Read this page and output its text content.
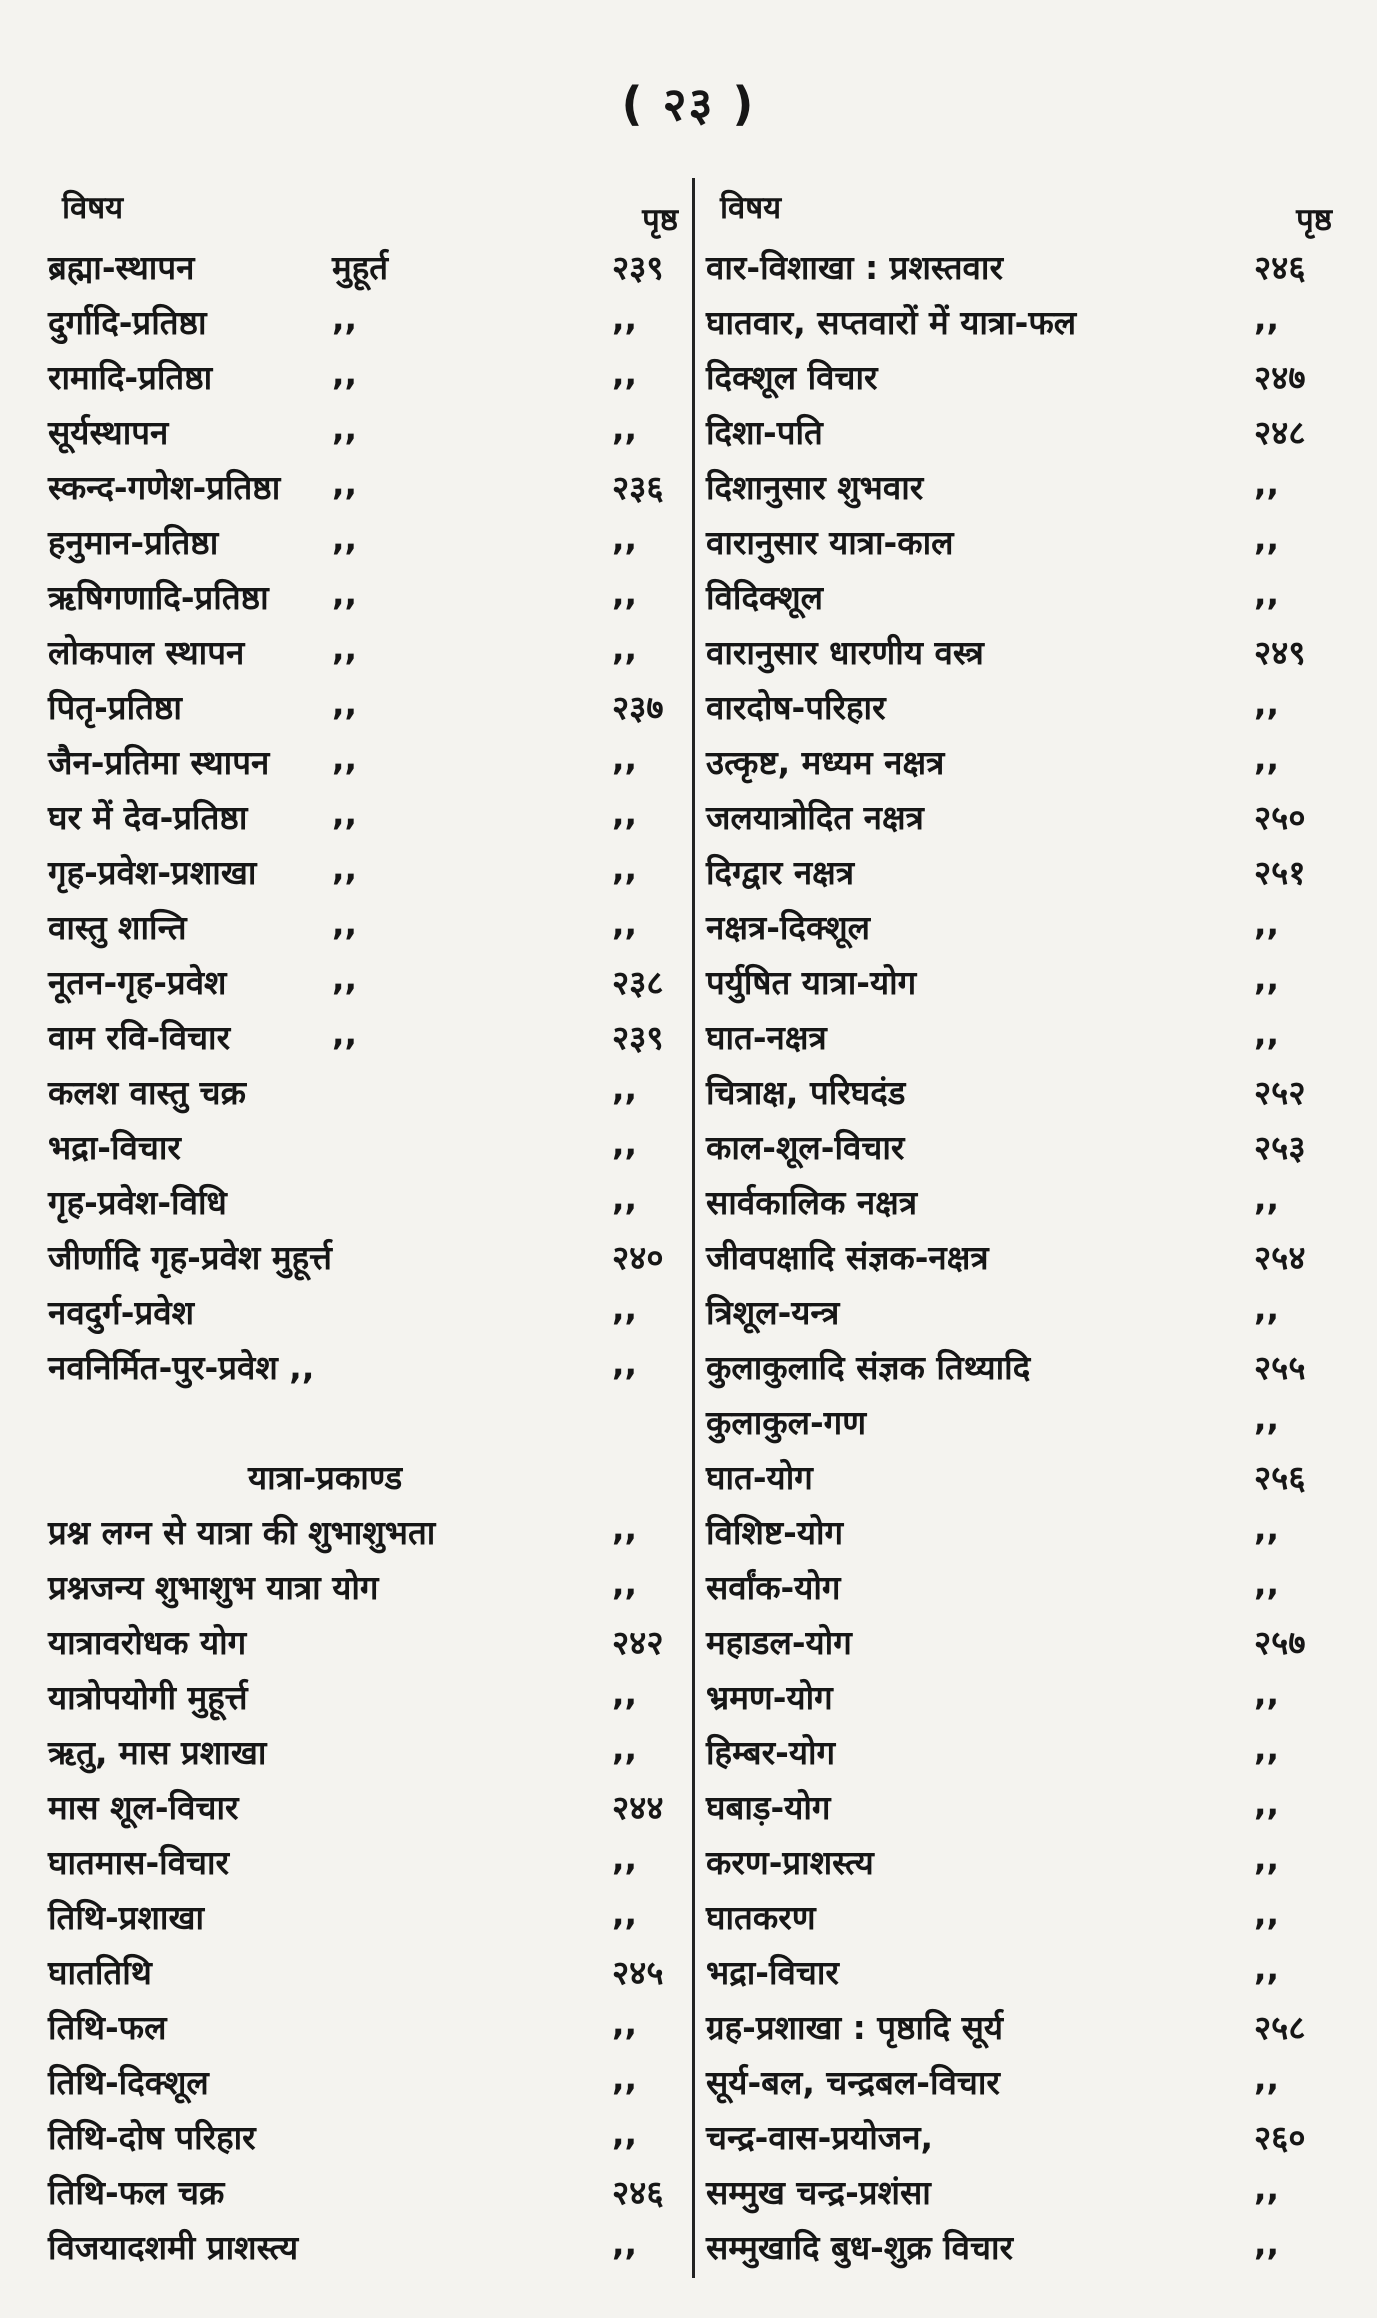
( २३ )
विषय	पृष्ठ
ब्रह्मा-स्थापन	मुहूर्त	२३९
दुर्गादि-प्रतिष्ठा	,,	,,
रामादि-प्रतिष्ठा	,,	,,
सूर्यस्थापन	,,	,,
स्कन्द-गणेश-प्रतिष्ठा ,,	२३६
हनुमान-प्रतिष्ठा	,,	,,
ऋषिगणादि-प्रतिष्ठा ,,	,,
लोकपाल स्थापन	,,	,,
पितृ-प्रतिष्ठा	,,	२३७
जैन-प्रतिमा स्थापन ,,	,,
घर में देव-प्रतिष्ठा	,,	,,
गृह-प्रवेश-प्रशाखा ,,	,,
वास्तु शान्ति	,,	,,
नूतन-गृह-प्रवेश	,,	२३८
वाम रवि-विचार	,,	२३९
कलश वास्तु चक्र	,,
भद्रा-विचार	,,
गृह-प्रवेश-विधि	,,
जीर्णादि गृह-प्रवेश मुहूर्त्त	२४०
नवदुर्ग-प्रवेश	,,
नवनिर्मित-पुर-प्रवेश ,,	,,
यात्रा-प्रकाण्ड
प्रश्न लग्न से यात्रा की शुभाशुभता	,,
प्रश्नजन्य शुभाशुभ यात्रा योग	,,
यात्रावरोधक योग	२४२
यात्रोपयोगी मुहूर्त्त	,,
ऋतु, मास प्रशाखा	,,
मास शूल-विचार	२४४
घातमास-विचार	,,
तिथि-प्रशाखा	,,
घाततिथि	२४५
तिथि-फल	,,
तिथि-दिक्शूल	,,
तिथि-दोष परिहार	,,
तिथि-फल चक्र	२४६
विजयादशमी प्राशस्त्य	,,
विषय	पृष्ठ
वार-विशाखा : प्रशस्तवार	२४६
घातवार, सप्तवारों में यात्रा-फल	,,
दिक्शूल विचार	२४७
दिशा-पति	२४८
दिशानुसार शुभवार	,,
वारानुसार यात्रा-काल	,,
विदिक्शूल	,,
वारानुसार धारणीय वस्त्र	२४९
वारदोष-परिहार	,,
उत्कृष्ट, मध्यम नक्षत्र	,,
जलयात्रोदित नक्षत्र	२५०
दिग्द्वार नक्षत्र	२५१
नक्षत्र-दिक्शूल	,,
पर्युषित यात्रा-योग	,,
घात-नक्षत्र	,,
चित्राक्ष, परिघदंड	२५२
काल-शूल-विचार	२५३
सार्वकालिक नक्षत्र	,,
जीवपक्षादि संज्ञक-नक्षत्र	२५४
त्रिशूल-यन्त्र	,,
कुलाकुलादि संज्ञक तिथ्यादि	२५५
कुलाकुल-गण	,,
घात-योग	२५६
विशिष्ट-योग	,,
सर्वांक-योग	,,
महाडल-योग	२५७
भ्रमण-योग	,,
हिम्बर-योग	,,
घबाड़-योग	,,
करण-प्राशस्त्य	,,
घातकरण	,,
भद्रा-विचार	,,
ग्रह-प्रशाखा : पृष्ठादि सूर्य	२५८
सूर्य-बल, चन्द्रबल-विचार	,,
चन्द्र-वास-प्रयोजन,	२६०
सम्मुख चन्द्र-प्रशंसा	,,
सम्मुखादि बुध-शुक्र विचार	,,
